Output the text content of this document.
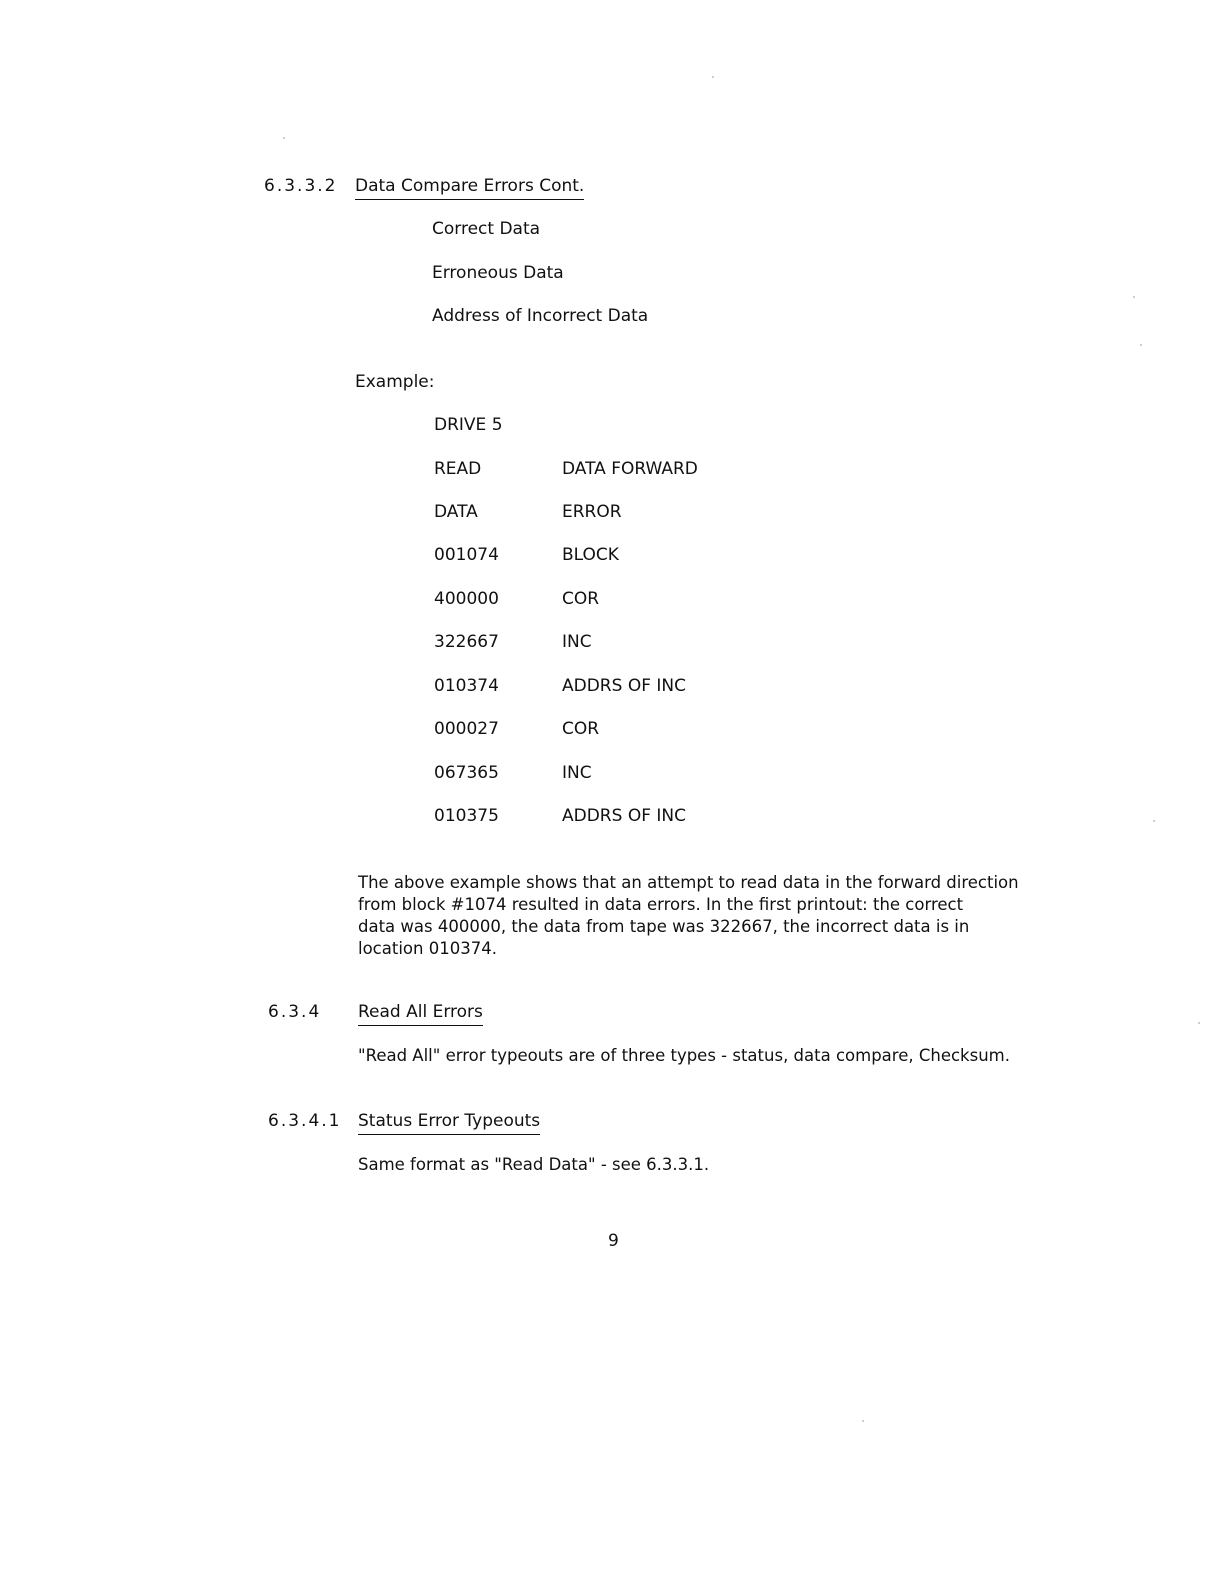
6.3.3.2 Data Compare Errors Cont.
Correct Data
Erroneous Data
Address of Incorrect Data
Example:
DRIVE 5
READ	DATA FORWARD
DATA	ERROR
001074	BLOCK
400000	COR
322667	INC
010374	ADDRS OF INC
000027	COR
067365	INC
010375	ADDRS OF INC
The above example shows that an attempt to read data in the forward direction
from block #1074 resulted in data errors. In the first printout: the correct
data was 400000, the data from tape was 322667, the incorrect data is in
location 010374.
6.3.4 Read All Errors
"Read All" error typeouts are of three types - status, data compare, Checksum.
6.3.4.1 Status Error Typeouts
Same format as "Read Data" - see 6.3.3.1.
9
